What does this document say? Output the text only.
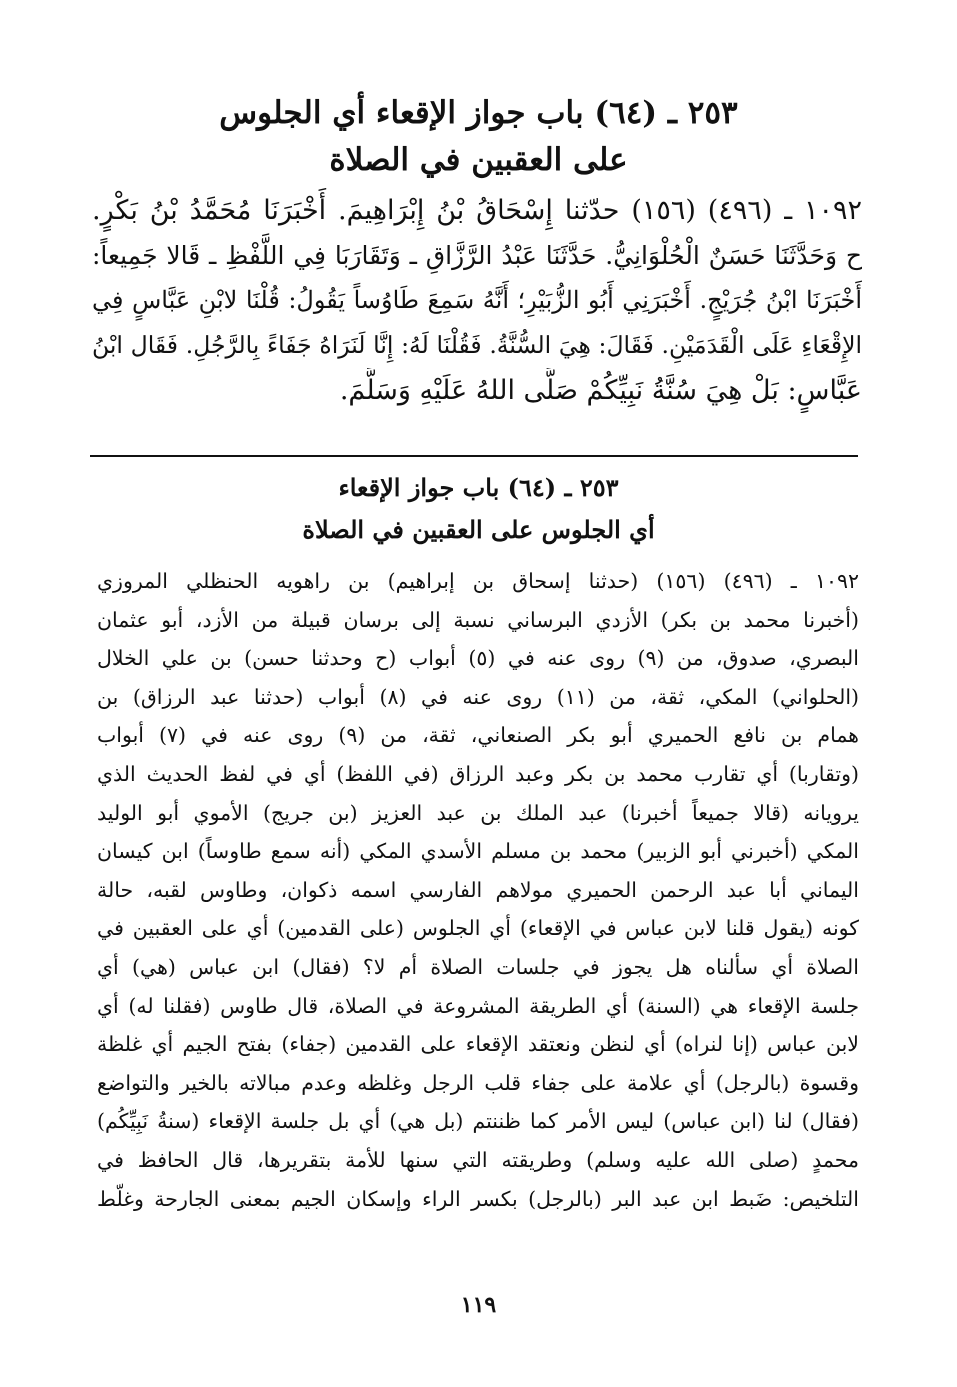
٢٥٣ ـ (٦٤) باب جواز الإقعاء أي الجلوس
على العقبين في الصلاة
١٠٩٢ ـ (٤٩٦) (١٥٦) حدّثنا إِسْحَاقُ بْنُ إِبْرَاهِيمَ. أَخْبَرَنَا مُحَمَّدُ بْنُ بَكْرٍ.
ح وَحَدَّثَنَا حَسَنٌ الْحُلْوَانِيُّ. حَدَّثَنَا عَبْدُ الرَّزَّاقِ ـ وَتَقَارَبَا فِي اللَّفْظِ ـ قَالا جَمِيعاً:
أَخْبَرَنَا ابْنُ جُرَيْجٍ. أَخْبَرَنِي أَبُو الزُّبَيْرِ؛ أَنَّهُ سَمِعَ طَاوُساً يَقُولُ: قُلْنَا لابْنِ عَبَّاسٍ فِي
الإِقْعَاءِ عَلَى الْقَدَمَيْنِ. فَقَالَ: هِيَ السُّنَّةُ. فَقُلْنَا لَهُ: إِنَّا لَنَرَاهُ جَفَاءً بِالرَّجُلِ. فَقَال ابْنُ
عَبَّاسٍ: بَلْ هِيَ سُنَّةُ نَبِيِّكُمْ صَلَّى اللهُ عَلَيْهِ وَسَلَّمَ.
٢٥٣ ـ (٦٤) باب جواز الإقعاء
أي الجلوس على العقبين في الصلاة
١٠٩٢ ـ (٤٩٦) (١٥٦) (حدثنا إسحاق بن إبراهيم) بن راهويه الحنظلي المروزي
(أخبرنا محمد بن بكر) الأزدي البرساني نسبة إلى برسان قبيلة من الأزد، أبو عثمان
البصري، صدوق، من (٩) روى عنه في (٥) أبواب (ح وحدثنا حسن) بن علي الخلال
(الحلواني) المكي، ثقة، من (١١) روى عنه في (٨) أبواب (حدثنا عبد الرزاق) بن
همام بن نافع الحميري أبو بكر الصنعاني، ثقة، من (٩) روى عنه في (٧) أبواب
(وتقاربا) أي تقارب محمد بن بكر وعبد الرزاق (في اللفظ) أي في لفظ الحديث الذي
يرويانه (قالا جميعاً أخبرنا) عبد الملك بن عبد العزيز (بن جريج) الأموي أبو الوليد
المكي (أخبرني أبو الزبير) محمد بن مسلم الأسدي المكي (أنه سمع طاوساً) ابن كيسان
اليماني أبا عبد الرحمن الحميري مولاهم الفارسي اسمه ذكوان، وطاوس لقبه، حالة
كونه (يقول قلنا لابن عباس في الإقعاء) أي الجلوس (على القدمين) أي على العقبين في
الصلاة أي سألناه هل يجوز في جلسات الصلاة أم لا؟ (فقال) ابن عباس (هي) أي
جلسة الإقعاء هي (السنة) أي الطريقة المشروعة في الصلاة، قال طاوس (فقلنا له) أي
لابن عباس (إنا لنراه) أي لنظن ونعتقد الإقعاء على القدمين (جفاء) بفتح الجيم أي غلظة
وقسوة (بالرجل) أي علامة على جفاء قلب الرجل وغلظه وعدم مبالاته بالخير والتواضع
(فقال) لنا (ابن عباس) ليس الأمر كما ظننتم (بل هي) أي بل جلسة الإقعاء (سنةُ نَبِيِّكُم)
محمدٍ (صلى الله عليه وسلم) وطريقته التي سنها للأمة بتقريرها، قال الحافظ في
التلخيص: ضَبط ابن عبد البر (بالرجل) بكسر الراء وإسكان الجيم بمعنى الجارحة وغلّط
١١٩
